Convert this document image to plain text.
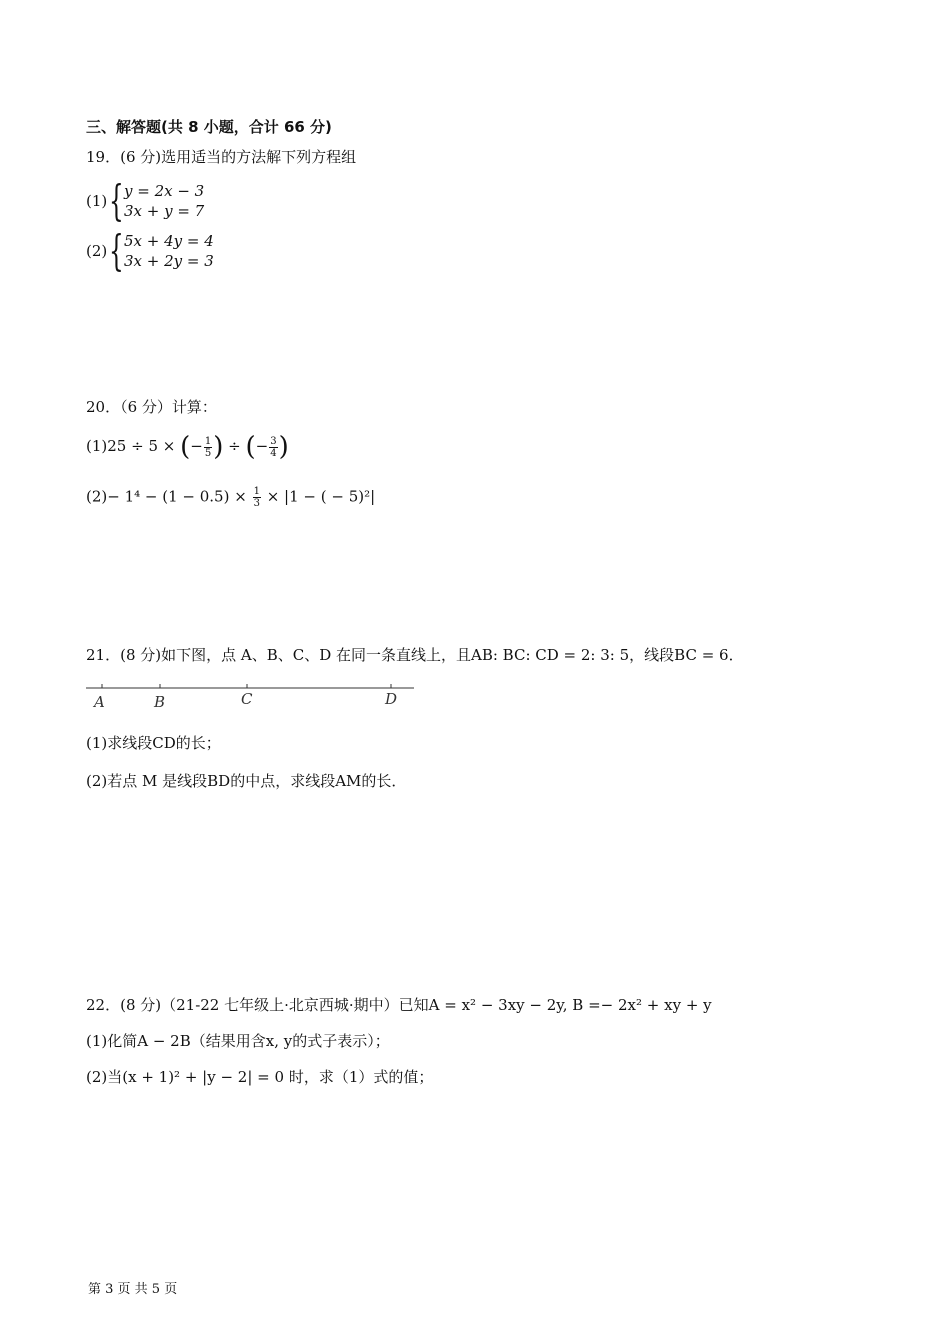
三、解答题(共 8 小题，合计 66 分)
19．(6 分)选用适当的方法解下列方程组
(1) { y = 2x − 3
3x + y = 7
(2) { 5x + 4y = 4
3x + 2y = 3
20．（6 分）计算：
(1)25 ÷ 5 × (− $\frac{1}{5}$ ) ÷ (− $\frac{3}{4}$ )
$(2)- 1^4 - (1 - 0.5) \times \frac{1}{3} \times |1$ − ( − 5)²|
21．(8 分)如下图，点 A、B、C、D 在同一条直线上，且AB: BC: CD = 2: 3: 5，线段BC = 6．
A	B	C	D
(1)求线段CD的长；
(2)若点 M 是线段BD的中点，求线段AM的长．
22．(8 分)（21-22 七年级上·北京西城·期中）已知A = x² − 3xy − 2y, B =− 2x² + xy + y
(1)化简A − 2B（结果用含x, y的式子表示）；
(2)当(x + 1)² + |y − 2| = 0 时，求（1）式的值；
第 3 页 共 5 页
